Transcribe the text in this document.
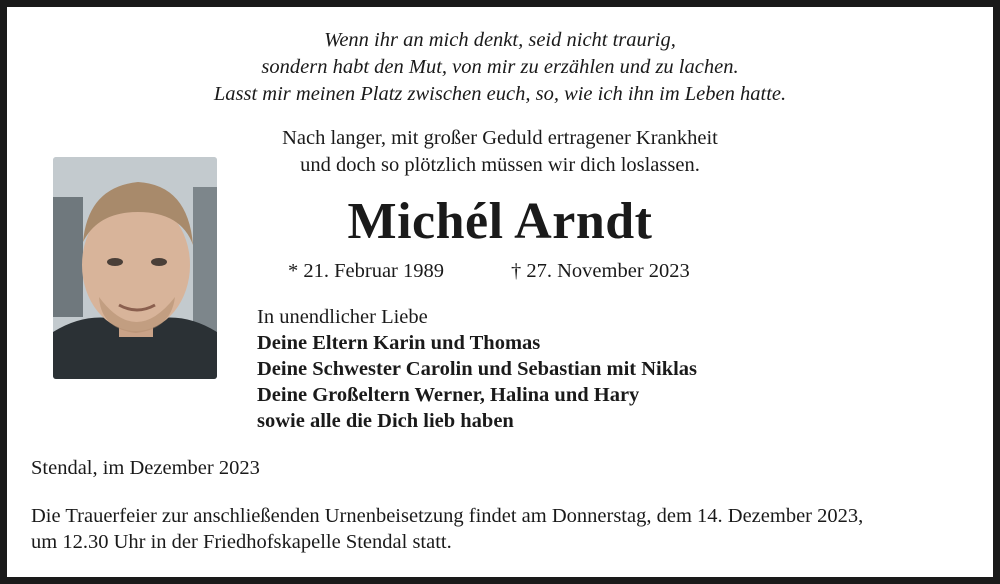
Wenn ihr an mich denkt, seid nicht traurig,
sondern habt den Mut, von mir zu erzählen und zu lachen.
Lasst mir meinen Platz zwischen euch, so, wie ich ihn im Leben hatte.
Nach langer, mit großer Geduld ertragener Krankheit
und doch so plötzlich müssen wir dich loslassen.
Michél Arndt
* 21. Februar 1989	† 27. November 2023
In unendlicher Liebe
Deine Eltern Karin und Thomas
Deine Schwester Carolin und Sebastian mit Niklas
Deine Großeltern Werner, Halina und Hary
sowie alle die Dich lieb haben
Stendal, im Dezember 2023
Die Trauerfeier zur anschließenden Urnenbeisetzung findet am Donnerstag, dem 14. Dezember 2023,
um 12.30 Uhr in der Friedhofskapelle Stendal statt.
